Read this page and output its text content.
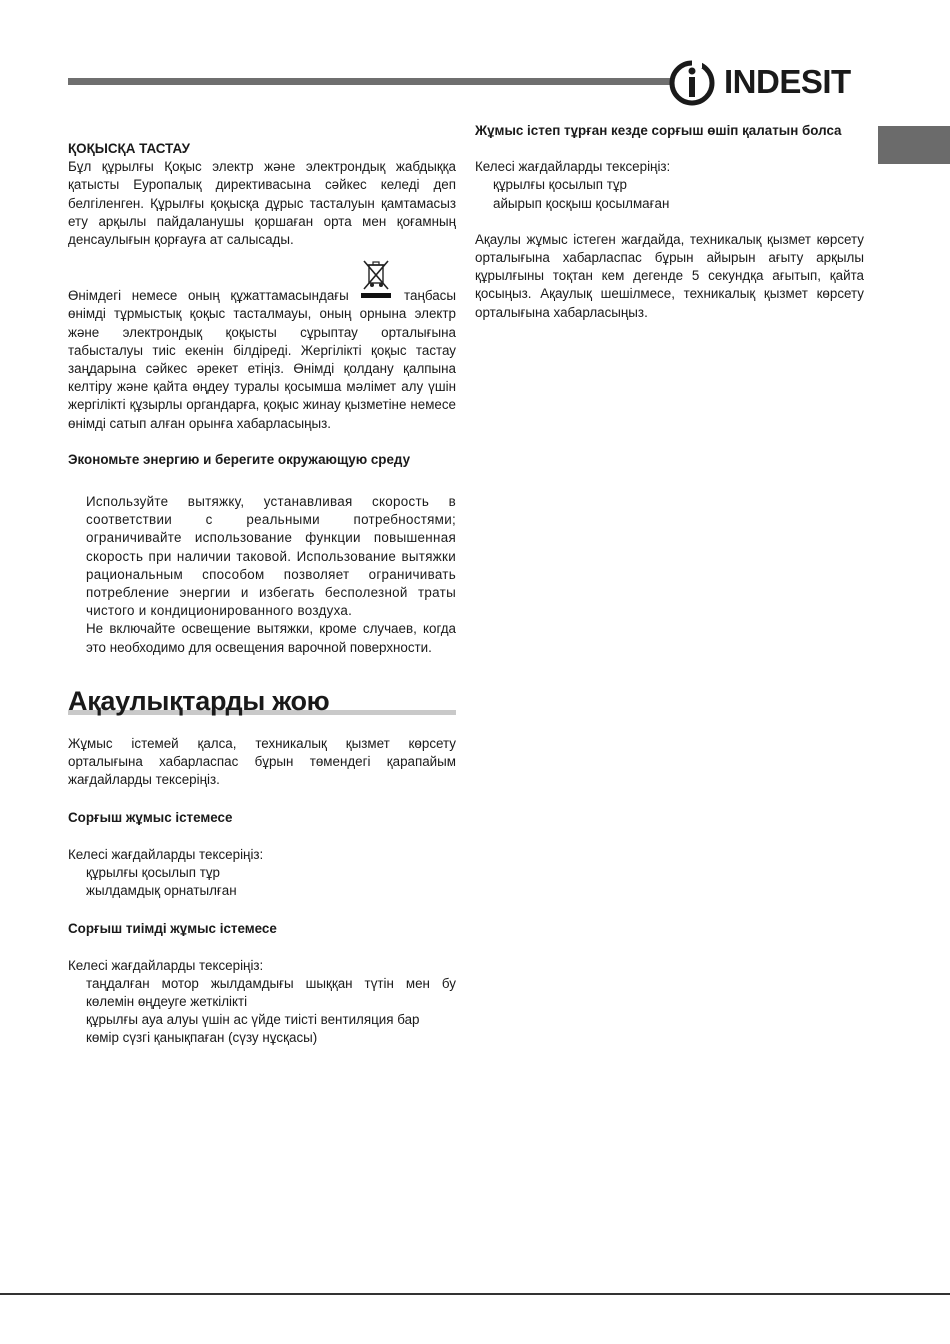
INDESIT

ҚОҚЫСҚА ТАСТАУ

Бұл құрылғы Қоқыс электр және электрондық жабдыққа қатысты Еуропалық директивасына сәйкес келеді деп белгіленген. Құрылғы қоқысқа дұрыс тасталуын қамтамасыз ету арқылы пайдаланушы қоршаған орта мен қоғамның денсаулығын қорғауға ат салысады.

Өнімдегі немесе оның құжаттамасындағы	таңбасы өнімді тұрмыстық қоқыс тасталмауы, оның орнына электр және электрондық қоқысты сұрыптау орталығына табысталуы тиіс екенін білдіреді. Жергілікті қоқыс тастау заңдарына сәйкес әрекет етіңіз. Өнімді қолдану қалпына келтіру және қайта өңдеу туралы қосымша мәлімет алу үшін жергілікті құзырлы органдарға, қоқыс жинау қызметіне немесе өнімді сатып алған орынға хабарласыңыз.

Экономьте энергию и берегите окружающую среду

Используйте вытяжку, устанавливая скорость в соответствии с реальными потребностями; ограничивайте использование функции повышенная скорость при наличии таковой. Использование вытяжки рациональным способом позволяет ограничивать потребление энергии и избегать бесполезной траты чистого и кондиционированного воздуха.

Не включайте освещение вытяжки, кроме случаев, когда это необходимо для освещения варочной поверхности.

Ақаулықтарды жою

Жұмыс істемей қалса, техникалық қызмет көрсету орталығына хабарласпас бұрын төмендегі қарапайым жағдайларды тексеріңіз.

Сорғыш жұмыс істемесе

Келесі жағдайларды тексеріңіз:

құрылғы қосылып тұр

жылдамдық орнатылған

Сорғыш тиімді жұмыс істемесе

Келесі жағдайларды тексеріңіз:

таңдалған мотор жылдамдығы шыққан түтін мен бу көлемін өңдеуге жеткілікті

құрылғы ауа алуы үшін ас үйде тиісті вентиляция бар

көмір сүзгі қанықпаған (сүзу нұсқасы)

Жұмыс істеп тұрған кезде сорғыш өшіп қалатын болса

Келесі жағдайларды тексеріңіз:

құрылғы қосылып тұр

айырып қосқыш қосылмаған

Ақаулы жұмыс істеген жағдайда, техникалық қызмет көрсету орталығына хабарласпас бұрын айырын ағыту арқылы құрылғыны тоқтан кем дегенде 5 секундқа ағытып, қайта қосыңыз. Ақаулық шешілмесе, техникалық қызмет көрсету орталығына хабарласыңыз.
